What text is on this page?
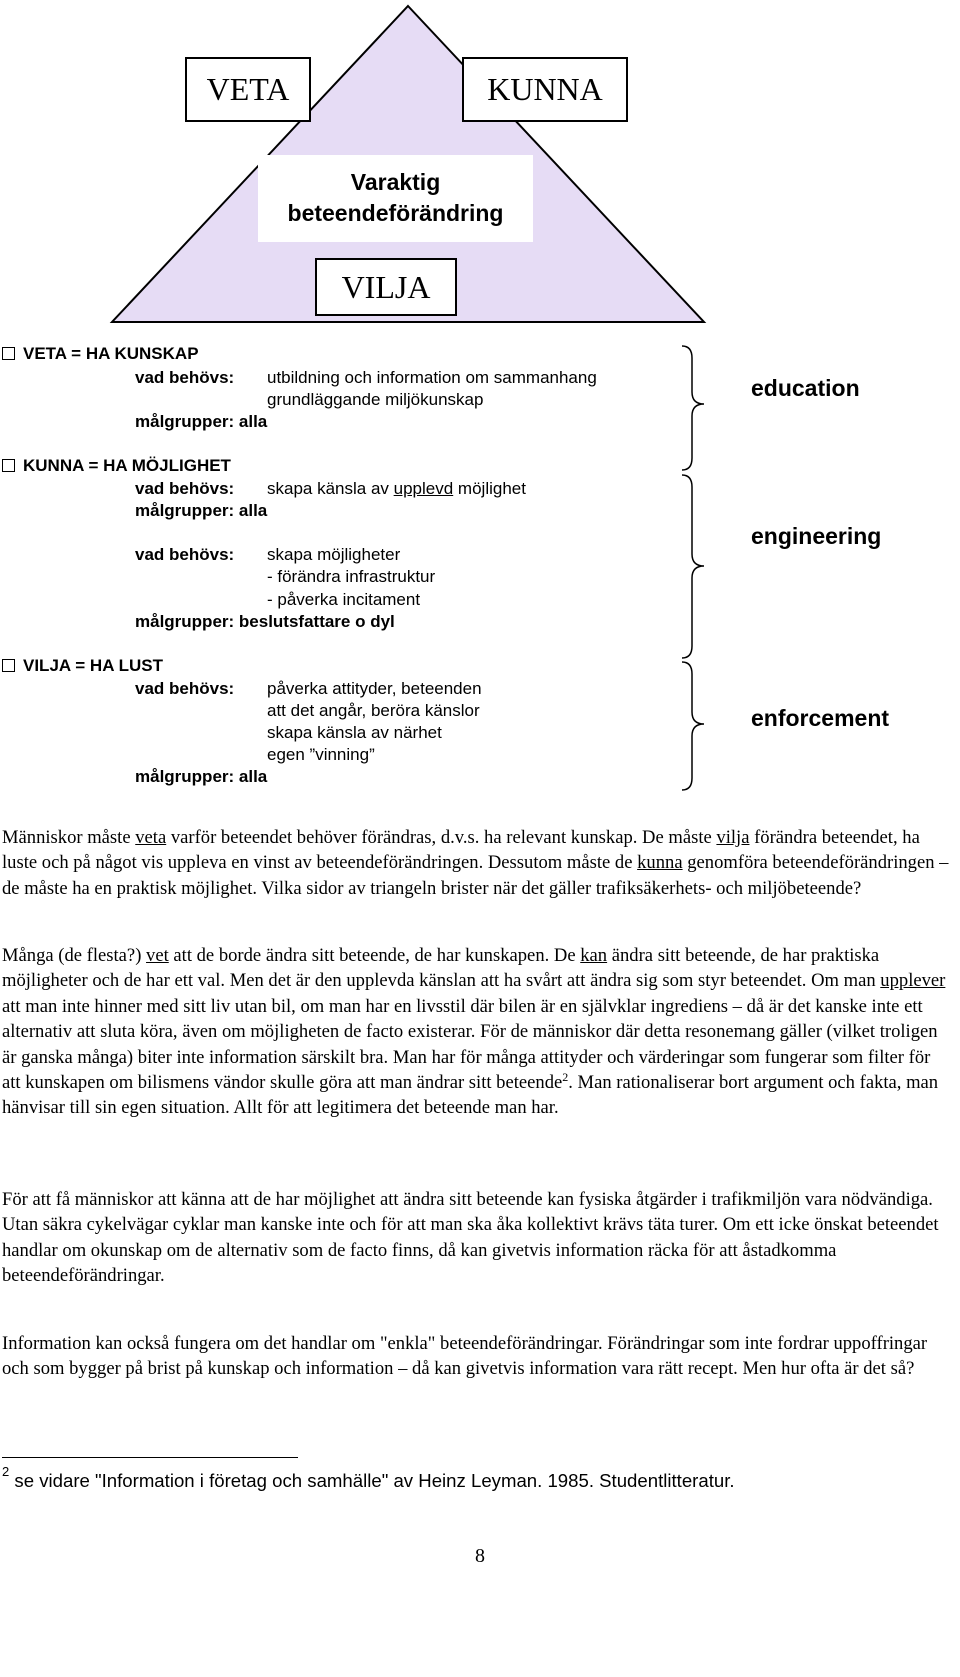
VETA	KUNNA
Varaktig
beteendeförändring
VILJA
VETA = HA KUNSKAP
vad behövs: utbildning och information om sammanhang
grundläggande miljökunskap
målgrupper: alla
education
KUNNA = HA MÖJLIGHET
vad behövs: skapa känsla av upplevd möjlighet
målgrupper: alla
vad behövs: skapa möjligheter
- förändra infrastruktur
- påverka incitament
målgrupper: beslutsfattare o dyl
engineering
VILJA = HA LUST
vad behövs: påverka attityder, beteenden
att det angår, beröra känslor
skapa känsla av närhet
egen ”vinning”
målgrupper: alla
enforcement

Människor måste veta varför beteendet behöver förändras, d.v.s. ha relevant kunskap. De måste vilja förändra beteendet, ha luste och på något vis uppleva en vinst av beteendeförändringen. Dessutom måste de kunna genomföra beteendeförändringen – de måste ha en praktisk möjlighet. Vilka sidor av triangeln brister när det gäller trafiksäkerhets- och miljöbeteende?

Många (de flesta?) vet att de borde ändra sitt beteende, de har kunskapen. De kan ändra sitt beteende, de har praktiska möjligheter och de har ett val. Men det är den upplevda känslan att ha svårt att ändra sig som styr beteendet. Om man upplever att man inte hinner med sitt liv utan bil, om man har en livsstil där bilen är en självklar ingrediens – då är det kanske inte ett alternativ att sluta köra, även om möjligheten de facto existerar. För de människor där detta resonemang gäller (vilket troligen är ganska många) biter inte information särskilt bra. Man har för många attityder och värderingar som fungerar som filter för att kunskapen om bilismens vändor skulle göra att man ändrar sitt beteende$^2$. Man rationaliserar bort argument och fakta, man hänvisar till sin egen situation. Allt för att legitimera det beteende man har.

För att få människor att känna att de har möjlighet att ändra sitt beteende kan fysiska åtgärder i trafikmiljön vara nödvändiga. Utan säkra cykelvägar cyklar man kanske inte och för att man ska åka kollektivt krävs täta turer. Om ett icke önskat beteendet handlar om okunskap om de alternativ som de facto finns, då kan givetvis information räcka för att åstadkomma beteendeförändringar.

Information kan också fungera om det handlar om "enkla" beteendeförändringar. Förändringar som inte fordrar uppoffringar och som bygger på brist på kunskap och information – då kan givetvis information vara rätt recept. Men hur ofta är det så?

$^2$ se vidare "Information i företag och samhälle" av Heinz Leyman. 1985. Studentlitteratur.
8
